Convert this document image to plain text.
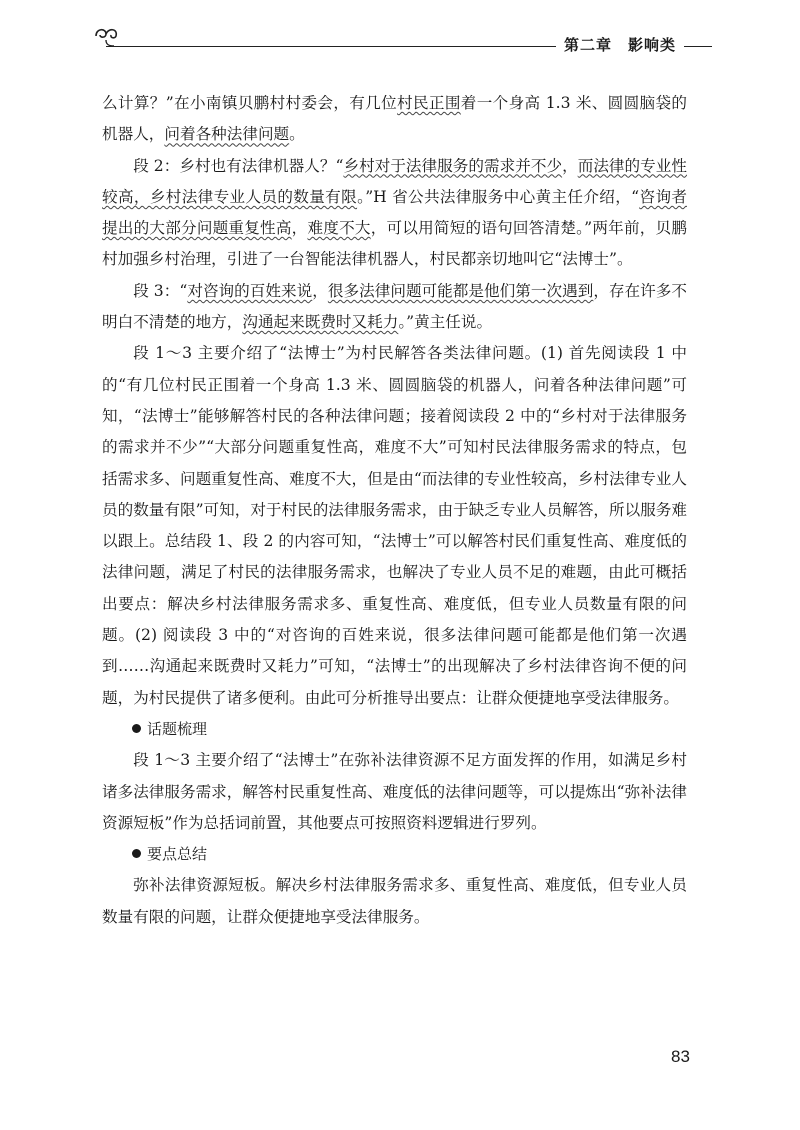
第二章　影响类

么计算？”在小南镇贝鹏村村委会，有几位村民正围着一个身高 1.3 米、圆圆脑袋的机器人，问着各种法律问题。

段 2：乡村也有法律机器人？“乡村对于法律服务的需求并不少，而法律的专业性较高，乡村法律专业人员的数量有限。”H 省公共法律服务中心黄主任介绍，“咨询者提出的大部分问题重复性高，难度不大，可以用简短的语句回答清楚。”两年前，贝鹏村加强乡村治理，引进了一台智能法律机器人，村民都亲切地叫它“法博士”。

段 3：“对咨询的百姓来说，很多法律问题可能都是他们第一次遇到，存在许多不明白不清楚的地方，沟通起来既费时又耗力。”黄主任说。

段 1～3 主要介绍了“法博士”为村民解答各类法律问题。(1) 首先阅读段 1 中的“有几位村民正围着一个身高 1.3 米、圆圆脑袋的机器人，问着各种法律问题”可知，“法博士”能够解答村民的各种法律问题；接着阅读段 2 中的“乡村对于法律服务的需求并不少”“大部分问题重复性高，难度不大”可知村民法律服务需求的特点，包括需求多、问题重复性高、难度不大，但是由“而法律的专业性较高，乡村法律专业人员的数量有限”可知，对于村民的法律服务需求，由于缺乏专业人员解答，所以服务难以跟上。总结段 1、段 2 的内容可知，“法博士”可以解答村民们重复性高、难度低的法律问题，满足了村民的法律服务需求，也解决了专业人员不足的难题，由此可概括出要点：解决乡村法律服务需求多、重复性高、难度低，但专业人员数量有限的问题。(2) 阅读段 3 中的“对咨询的百姓来说，很多法律问题可能都是他们第一次遇到……沟通起来既费时又耗力”可知，“法博士”的出现解决了乡村法律咨询不便的问题，为村民提供了诸多便利。由此可分析推导出要点：让群众便捷地享受法律服务。

话题梳理

段 1～3 主要介绍了“法博士”在弥补法律资源不足方面发挥的作用，如满足乡村诸多法律服务需求，解答村民重复性高、难度低的法律问题等，可以提炼出“弥补法律资源短板”作为总括词前置，其他要点可按照资料逻辑进行罗列。

要点总结

弥补法律资源短板。解决乡村法律服务需求多、重复性高、难度低，但专业人员数量有限的问题，让群众便捷地享受法律服务。

83
